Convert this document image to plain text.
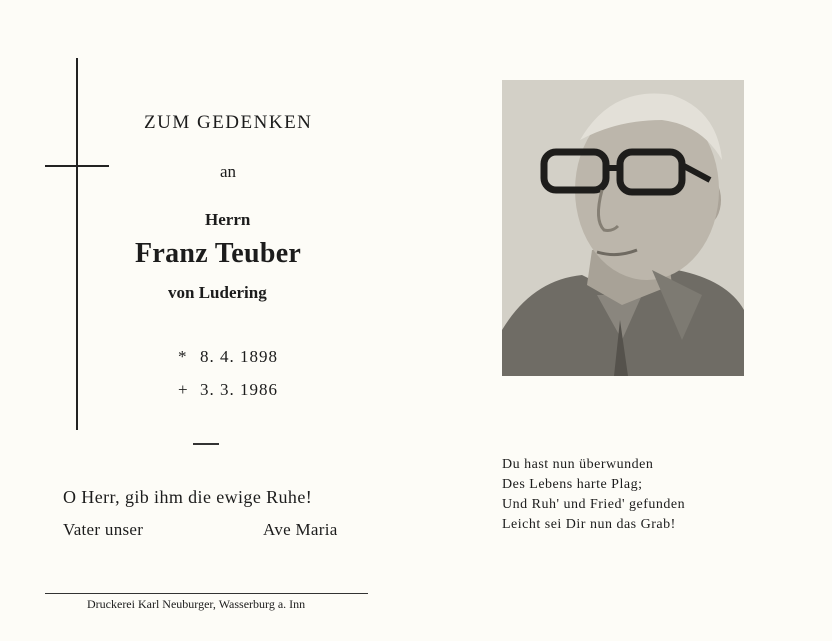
ZUM GEDENKEN
an
Herrn
Franz Teuber
von Ludering
* 8. 4. 1898
+ 3. 3. 1986
O Herr, gib ihm die ewige Ruhe!
Vater unser	Ave Maria
Druckerei Karl Neuburger, Wasserburg a. Inn
Du hast nun überwunden
Des Lebens harte Plag;
Und Ruh' und Fried' gefunden
Leicht sei Dir nun das Grab!
